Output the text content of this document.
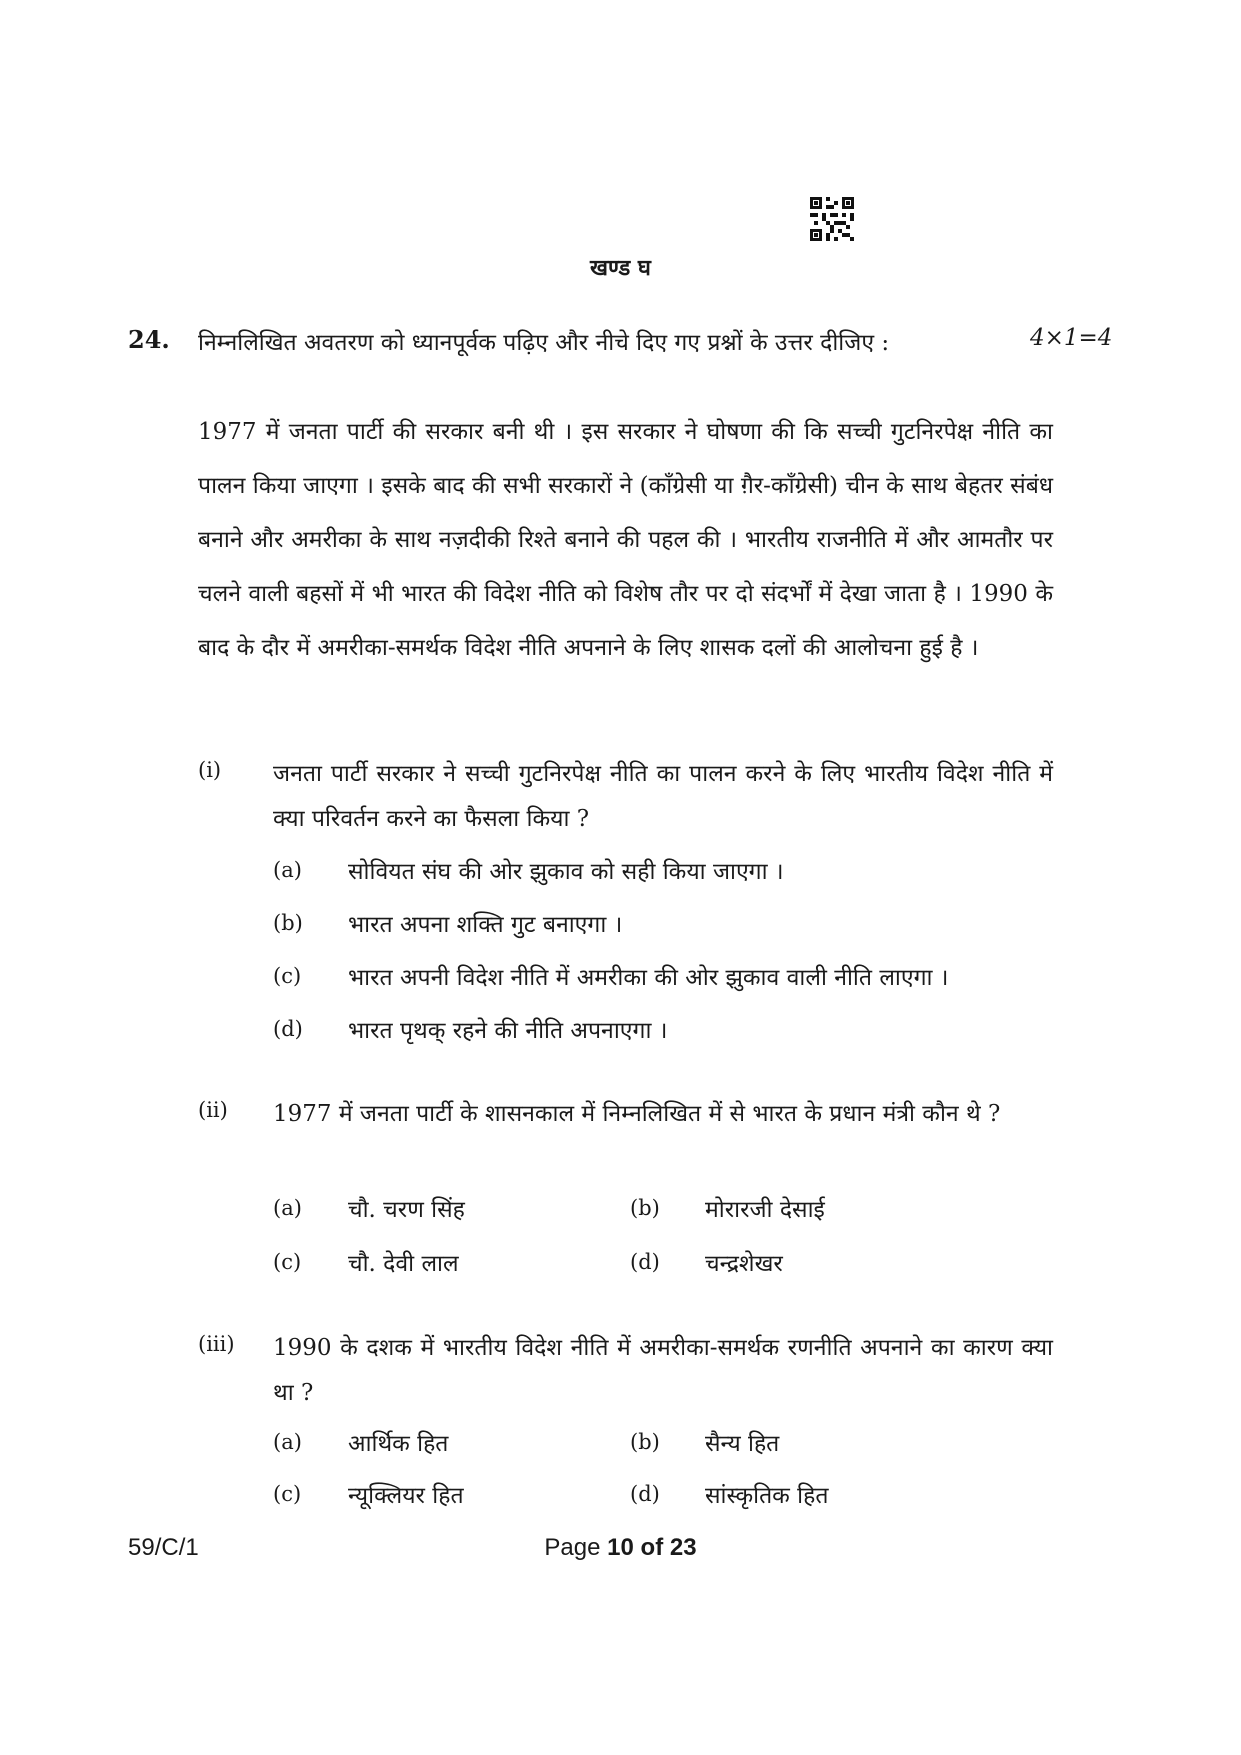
खण्ड घ
24. निम्नलिखित अवतरण को ध्यानपूर्वक पढ़िए और नीचे दिए गए प्रश्नों के उत्तर दीजिए :	4×1=4

1977 में जनता पार्टी की सरकार बनी थी । इस सरकार ने घोषणा की कि सच्ची गुटनिरपेक्ष नीति का पालन किया जाएगा । इसके बाद की सभी सरकारों ने (काँग्रेसी या ग़ैर-काँग्रेसी) चीन के साथ बेहतर संबंध बनाने और अमरीका के साथ नज़दीकी रिश्ते बनाने की पहल की । भारतीय राजनीति में और आमतौर पर चलने वाली बहसों में भी भारत की विदेश नीति को विशेष तौर पर दो संदर्भों में देखा जाता है । 1990 के बाद के दौर में अमरीका-समर्थक विदेश नीति अपनाने के लिए शासक दलों की आलोचना हुई है ।

(i) जनता पार्टी सरकार ने सच्ची गुटनिरपेक्ष नीति का पालन करने के लिए भारतीय विदेश नीति में क्या परिवर्तन करने का फैसला किया ?
(a) सोवियत संघ की ओर झुकाव को सही किया जाएगा ।
(b) भारत अपना शक्ति गुट बनाएगा ।
(c) भारत अपनी विदेश नीति में अमरीका की ओर झुकाव वाली नीति लाएगा ।
(d) भारत पृथक् रहने की नीति अपनाएगा ।
(ii) 1977 में जनता पार्टी के शासनकाल में निम्नलिखित में से भारत के प्रधान मंत्री कौन थे ?
(a) चौ. चरण सिंह	(b) मोरारजी देसाई
(c) चौ. देवी लाल	(d) चन्द्रशेखर
(iii) 1990 के दशक में भारतीय विदेश नीति में अमरीका-समर्थक रणनीति अपनाने का कारण क्या था ?
(a) आर्थिक हित	(b) सैन्य हित
(c) न्यूक्लियर हित	(d) सांस्कृतिक हित
59/C/1	Page 10 of 23
